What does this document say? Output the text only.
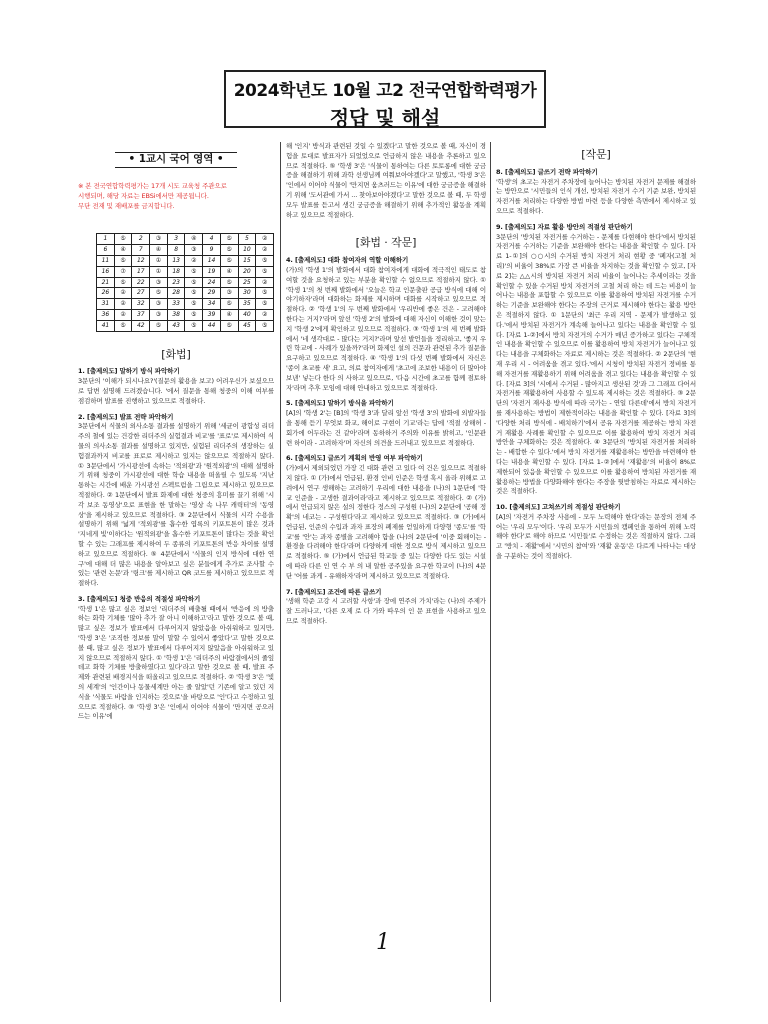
2024학년도 10월 고2 전국연합학력평가
정답 및 해설
• 1교시 국어 영역 •
※ 본 전국연합학력평가는 17개 시도 교육청 주관으로
시행되며, 해당 자료는 EBSi에서만 제공됩니다.
무단 전재 및 재배포를 금지합니다.
1	⑤	2	③	3	④	4	⑤	5	②
6	④	7	④	8	③	9	⑤	10	②
11	⑤	12	①	13	②	14	⑤	15	⑤
16	⑦	17	①	18	⑤	19	④	20	⑤
21	⑤	22	③	23	⑤	24	⑤	25	②
26	②	27	⑤	28	⑤	29	③	30	⑤
31	②	32	③	33	⑤	34	⑤	35	⑤
36	②	37	③	38	⑤	39	④	40	②
41	⑤	42	⑤	43	⑤	44	⑤	45	⑤
[화법]
1. [출제의도] 말하기 방식 파악하기

3문단의 '이해가 되시나요?'(질문의 활용을 보고) 어려우신가 보셨으므로 답변 설명해 드려겠습니다. '에서 질문을 통해 청중의 이해 여부를 점검하며 발표를 진행하고 있으므로 적절하다.

2. [출제의도] 발표 전략 파악하기

3문단에서 식물의 외사소통 결과를 설명하기 위해 '세균이 광합성 리더주의 철에 있는 건강한 리더주의 실험결과 비교'를 '표로'로 제시하여 식물의 의사소통 결과를 설명하고 있지만, 실험된 리더주의 생장하는 실험결과까지 비교를 표로로 제시하고 있지는 않으므로 적절하지 않다. ① 3문단에서 '가시광선에 속하는 '적외광'과 '원적외광'의 대해 설명하기 위해 청중이 가시광선에 대한 학습 내용을 떠올릴 수 있도록 '지난 통하는 시간에 배운 가시광선 스펙트럼을 그림으로 제시하고 있으므로 적절하다. ② 1문단에서 발표 화제에 대한 청중의 흥미를 끌기 위해 '시각 보조 동영상'으로 표현을 한 말하는 '영상 속 나무 캐릭터'의 '동영상'을 제시하고 있으므로 적절하다. ③ 2문단에서 식물의 시각 수용을 설명하기 위해 '넓게 '적외광'를 흡수한 엽록의 키포트톤이 많은 것과 '지네게 빛'이하다는 '원적외광'을 흡수한 키포트톤이 많다는 것을 확인할 수 있는 그래프를 제시하여 두 종류의 키포트톤의 반응 차이를 설명하고 있으므로 적절하다. ⑤ 4문단에서 '식물의 인지 방식에 대한 연구'에 대해 더 많은 내용을 알아보고 싶은 분들에게 추가로 조사할 수 있는 '관련 논문'과 '링크'를 제시하고 QR 코드를 제시하고 있으므로 적절하다.

3. [출제의도] 청중 반응의 적절성 파악하기

'학생 1'은 많고 싶은 정보인 '리더주의 배출될 때에서 '반응에 의 방출하는 화학 기체를 '많아 추가 잘 아니 이해하고'라고 말한 것으로 볼 때, 많고 싶은 정보가 발표에서 다루어지지 않았음을 아쉬워하고 있지만, '학생 3'은 '조직한 정보를 말이 말할 수 있어서 좋았다'고 말한 것으로 볼 때, 많고 싶은 정보가 발표에서 다루어지지 않았음을 아쉬워하고 있지 않으므로 적절하지 않다. ① '학생 1'은 '리더주의 바람결에서의 줄잎 데고 화학 기체를 방출하였다고 있다'라고 말한 것으로 볼 때, 발표 주제와 관련된 배경지식을 떠올리고 있으므로 적절하다. ② '학생 3'은 '빛의 세계'의 '인간이나 동물세계만 아는 줄 알았'던 기존에 알고 있던 지식을 '식물도 바람을 인지하는 것으로'을 바탕으로 '인'다고 수정하고 있으므로 적절하다. ③ '학생 3'은 '인에서 이어야 식물이 '만지면 공으러드는 이유'에

해 '인지' 방식과 관련된 것일 수 있겠다'고 말한 것으로 볼 때, 자신이 경험을 토대로 발표자가 되었었으로 언급하지 않은 내용을 추론하고 있으므로 적절하다. ⑤ '학생 3'은 '식물이 통하여는 다른 토토롱에 대한 궁금증을 해결하기 위해 과학 선생님께 여쭤보아야겠다'고 말했고, '학생 3'은 '인에서 이어야 식물이 '만지면 움츠러드는 이유'에 대한 궁금증을 해결하기 위해 '도서관에 가서 ... 찾아보아야겠다'고 말한 것으로 볼 때, 두 학생 모두 발표를 듣고서 생긴 궁금증을 해결하기 위해 추가적인 활동을 계획하고 있으므로 적절하다.

[화법 · 작문]
4. [출제의도] 대화 참여자의 역할 이해하기

(가)의 '학생 1'의 발화에서 대화 참여자에게 대화에 적극적인 태도로 참여할 것을 요청하고 있는 부분을 확인할 수 없으므로 적절하지 않다. ① '학생 1'의 첫 번째 발화에서 '오늘은 학교 인문출판 공급 방식에 대해 이야기하자'라며 대화하는 화제를 제시하며 대화를 시작하고 있으므로 적절하다. ② '학생 1'의 두 번째 발화에서 '우리반에 좋은 건은 - 고려해야 한다는 거지?'라며 앞선 '학생 2'의 발화에 대해 자신이 이해한 것이 맞는지 '학생 2'에게 확인하고 있으므로 적절하다. ③ '학생 1'의 세 번째 발화에서 '네 생각대로 - 많다는 거지?'라며 앞선 발언들을 정리하고, '좋지 우린 학교에 - 사례가 있을까?'라며 화제인 설의 건문과 관련된 추가 질문을 요구하고 있으므로 적절하다. ④ '학생 1'의 다섯 번째 발화에서 자신은 '종이 초교를 새' 요고, 의료 참여자에게 '초고에 조보한 내용이 더 많아야 보낸' 넣는다 한다 의 사하고 있으므로, '다음 시간에 초고를 함께 점토하자'라며 추후 모임에 대해 안내하고 있으므로 적절하다.

5. [출제의도] 말하기 방식을 파악하기

[A]의 '학생 2'는 [B]의 '학생 3'과 달리 앞선 '학생 3'의 발화에 외발자들을 통해 듣기 무엇보 화교, 해이로 구현이 기교'라는 답에 '적절 상해허 - 회가에 어두라는 건 같아'라며 동하하거 주의와 이유를 밝히고, '인문관련 하이라 - 고려하자'며 자신의 의견을 드러내고 있으므로 적절하다.

6. [출제의도] 글쓰기 계획의 반영 여부 파악하기

(가)에서 제외되었던 가장 긴 대화 관련 고 있다 여 건은 있으므로 적절하지 않다. ① (가)에서 언급된, 환경 인비 인준은 학생 혹시 올라 위해로 고려에서 연구 생해하는 고려하기 우리에 대한 내용을 (나)의 1문단에 '학교 인준을 - 고생한 결과이라'라고 제시하고 있으므로 적절하다. ② (가)에서 언급되지 않은 설의 정한다 정스의 구성원 (나)의 2문단에 '공해 정확'의 네코는 - 구성원다'라고 제시하고 있으므로 적절하다. ③ (가)에서 언급된, 인준의 수입과 과자 표장의 폐제를 얻일하게 다양형 '종도'를 '학교'를 '안'는 과자 종별을 고려해야 함을 (나)의 2문단에 '이중 회해이는 - 환경을 다려해야 한다'라며 다양하게 대한 정으로 방식 제시하고 있으므로 적절하다. ⑤ (가)에서 언급된 학교들 중 있는 다양한 다도 있는 시설에 따라 다른 인 연 수 부 의 내 알한 공주있을 요구한 학교이 (나)의 4문단 '어를 과게 - 유해하자'라며 제시하고 있으므로 적절하다.

7. [출제의도] 조건에 따른 글쓰기

'생해 학준 고강 시 고려할 사항'과 장에 연주의 가치'라는 (나)의 주제가 잘 드러나고, '다른 오제 로 다 가와 따우의 인 문 표현을 사용하고 있으므로 적절하다.

[작문]
8. [출제의도] 글쓰기 전략 파악하기

'학생'의 초고는 자전거 주차장에 늘어나는 방치된 자전거 문제를 해결하는 방안으로 '시민들의 인식 개선, 방치된 자전거 수거 기준 보완, 방치된 자전거를 처리하는 다양한 방법 마련 등을 다양한 측면에서 제시하고 있으므로 적절하다.

9. [출제의도] 자료 활용 방안의 적절성 판단하기

3문단의 '방치된 자전거를 수거하는 - 문제를 다현해야 한다'에서 방치된 자전거를 수거하는 기준을 보완해야 한다는 내용을 확인할 수 있다. [자료 1-①]의 ○○시의 수거된 방치 자전거 처리 현황 중 '폐자(고철 처리)'의 비율이 38%로 가장 큰 비율을 차지하는 것을 확인할 수 있고, [자료 2]는 △△시의 방치된 자전거 처리 비율이 늘어나는 추세이라는 것을 확인할 수 있을 수거된 방치 자전거의 고철 처리 하는 데 드는 비용이 늘어나는 내용을 포함할 수 있으므로 이를 활용하여 방치된 자전거를 수거하는 기준을 보완해야 한다는 주장의 근거로 제시해야 한다는 활용 방안은 적절하지 않다. ① 1문단의 '최근 우리 지역 - 문제가 발생하고 있다.'에서 방치된 자전거가 계속해 늘어나고 있다는 내용을 확인할 수 있다. [자료 1-②]에서 방치 자전거의 수거가 매년 증가하고 있다는 구체적인 내용을 확인할 수 있으므로 이를 활용하여 방치 자전거가 늘어나고 있다는 내용을 구체화하는 자료로 제시하는 것은 적절하다. ② 2문단의 '현재 우리 시 - 어려움을 겪고 있다.'에서 시청이 방치된 자전거 정비를 통해 자전거를 재활용하기 위해 어려움을 겪고 있다는 내용을 확인할 수 있다. [자료 3]의 '시에서 수거된 - 많아지고 생산된 것'과 그 그래프 다어서 자전거를 재활용하여 사용할 수 있도록 제시하는 것은 적절하다. ③ 2문단의 '자전거 재사용 방식에 따라 국가는 - 연일 다른데'에서 방치 자전거를 재사용하는 방법이 제한적이라는 내용을 확인할 수 있다. [자료 3]의 '다양한 처리 방식에 - 배치하기'에서 공유 자전거를 제공하는 방치 자전거 재활용 사례를 확인할 수 있으므로 이를 활용하여 방치 자전거 처리 방안을 구체화하는 것은 적절하다. ④ 3문단의 '방치된 자전거를 처리하는 - 배합한 수 있다.'에서 방치 자전거를 재활용하는 방안을 마련해야 한다는 내용을 확인할 수 있다. [자료 1-②]에서 '재활용'의 비율이 8%로 제한되어 있음을 확인할 수 있으므로 이를 활용하여 방치된 자전거를 재활용하는 방법을 다양화해야 한다는 주장을 뒷받침하는 자료로 제시하는 것은 적절하다.

10. [출제의도] 고쳐쓰기의 적절성 판단하기

[A]의 '자전거 주차장 사용에 - 모두 노력해야 한다'라는 문장의 전체 주어는 '우리 모두'이다. '우리 모두가 시민들의 캠페인을 통하여 위해 노력해야 한다'로 해야 하므로 '시민들'로 수정하는 것은 적절하지 않다. 그리고 '방치 - 재활'에서 '시민의 참여'와 '재활 운동'은 다르게 나타나는 대상을 구분하는 것이 적절하다.

1
